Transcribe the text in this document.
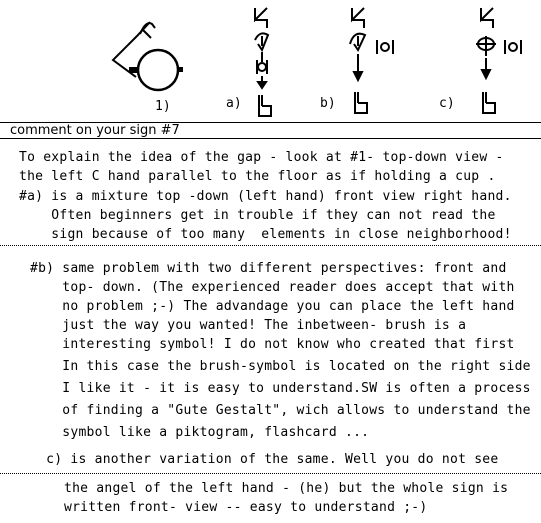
1)	a)	b)	c)
comment on your sign #7
To explain the idea of the gap - look at #1- top-down view -
the left C hand parallel to the floor as if holding a cup .
#a) is a mixture top -down (left hand) front view right hand.
Often beginners get in trouble if they can not read the
sign because of too many  elements in close neighborhood!
#b) same problem with two different perspectives: front and
top- down. (The experienced reader does accept that with
no problem ;-) The advandage you can place the left hand
just the way you wanted! The inbetween- brush is a
interesting symbol! I do not know who created that first
In this case the brush-symbol is located on the right side
I like it - it is easy to understand.SW is often a process
of finding a "Gute Gestalt", wich allows to understand the
symbol like a piktogram, flashcard ...
c) is another variation of the same. Well you do not see
the angel of the left hand - (he) but the whole sign is
written front- view -- easy to understand ;-)
